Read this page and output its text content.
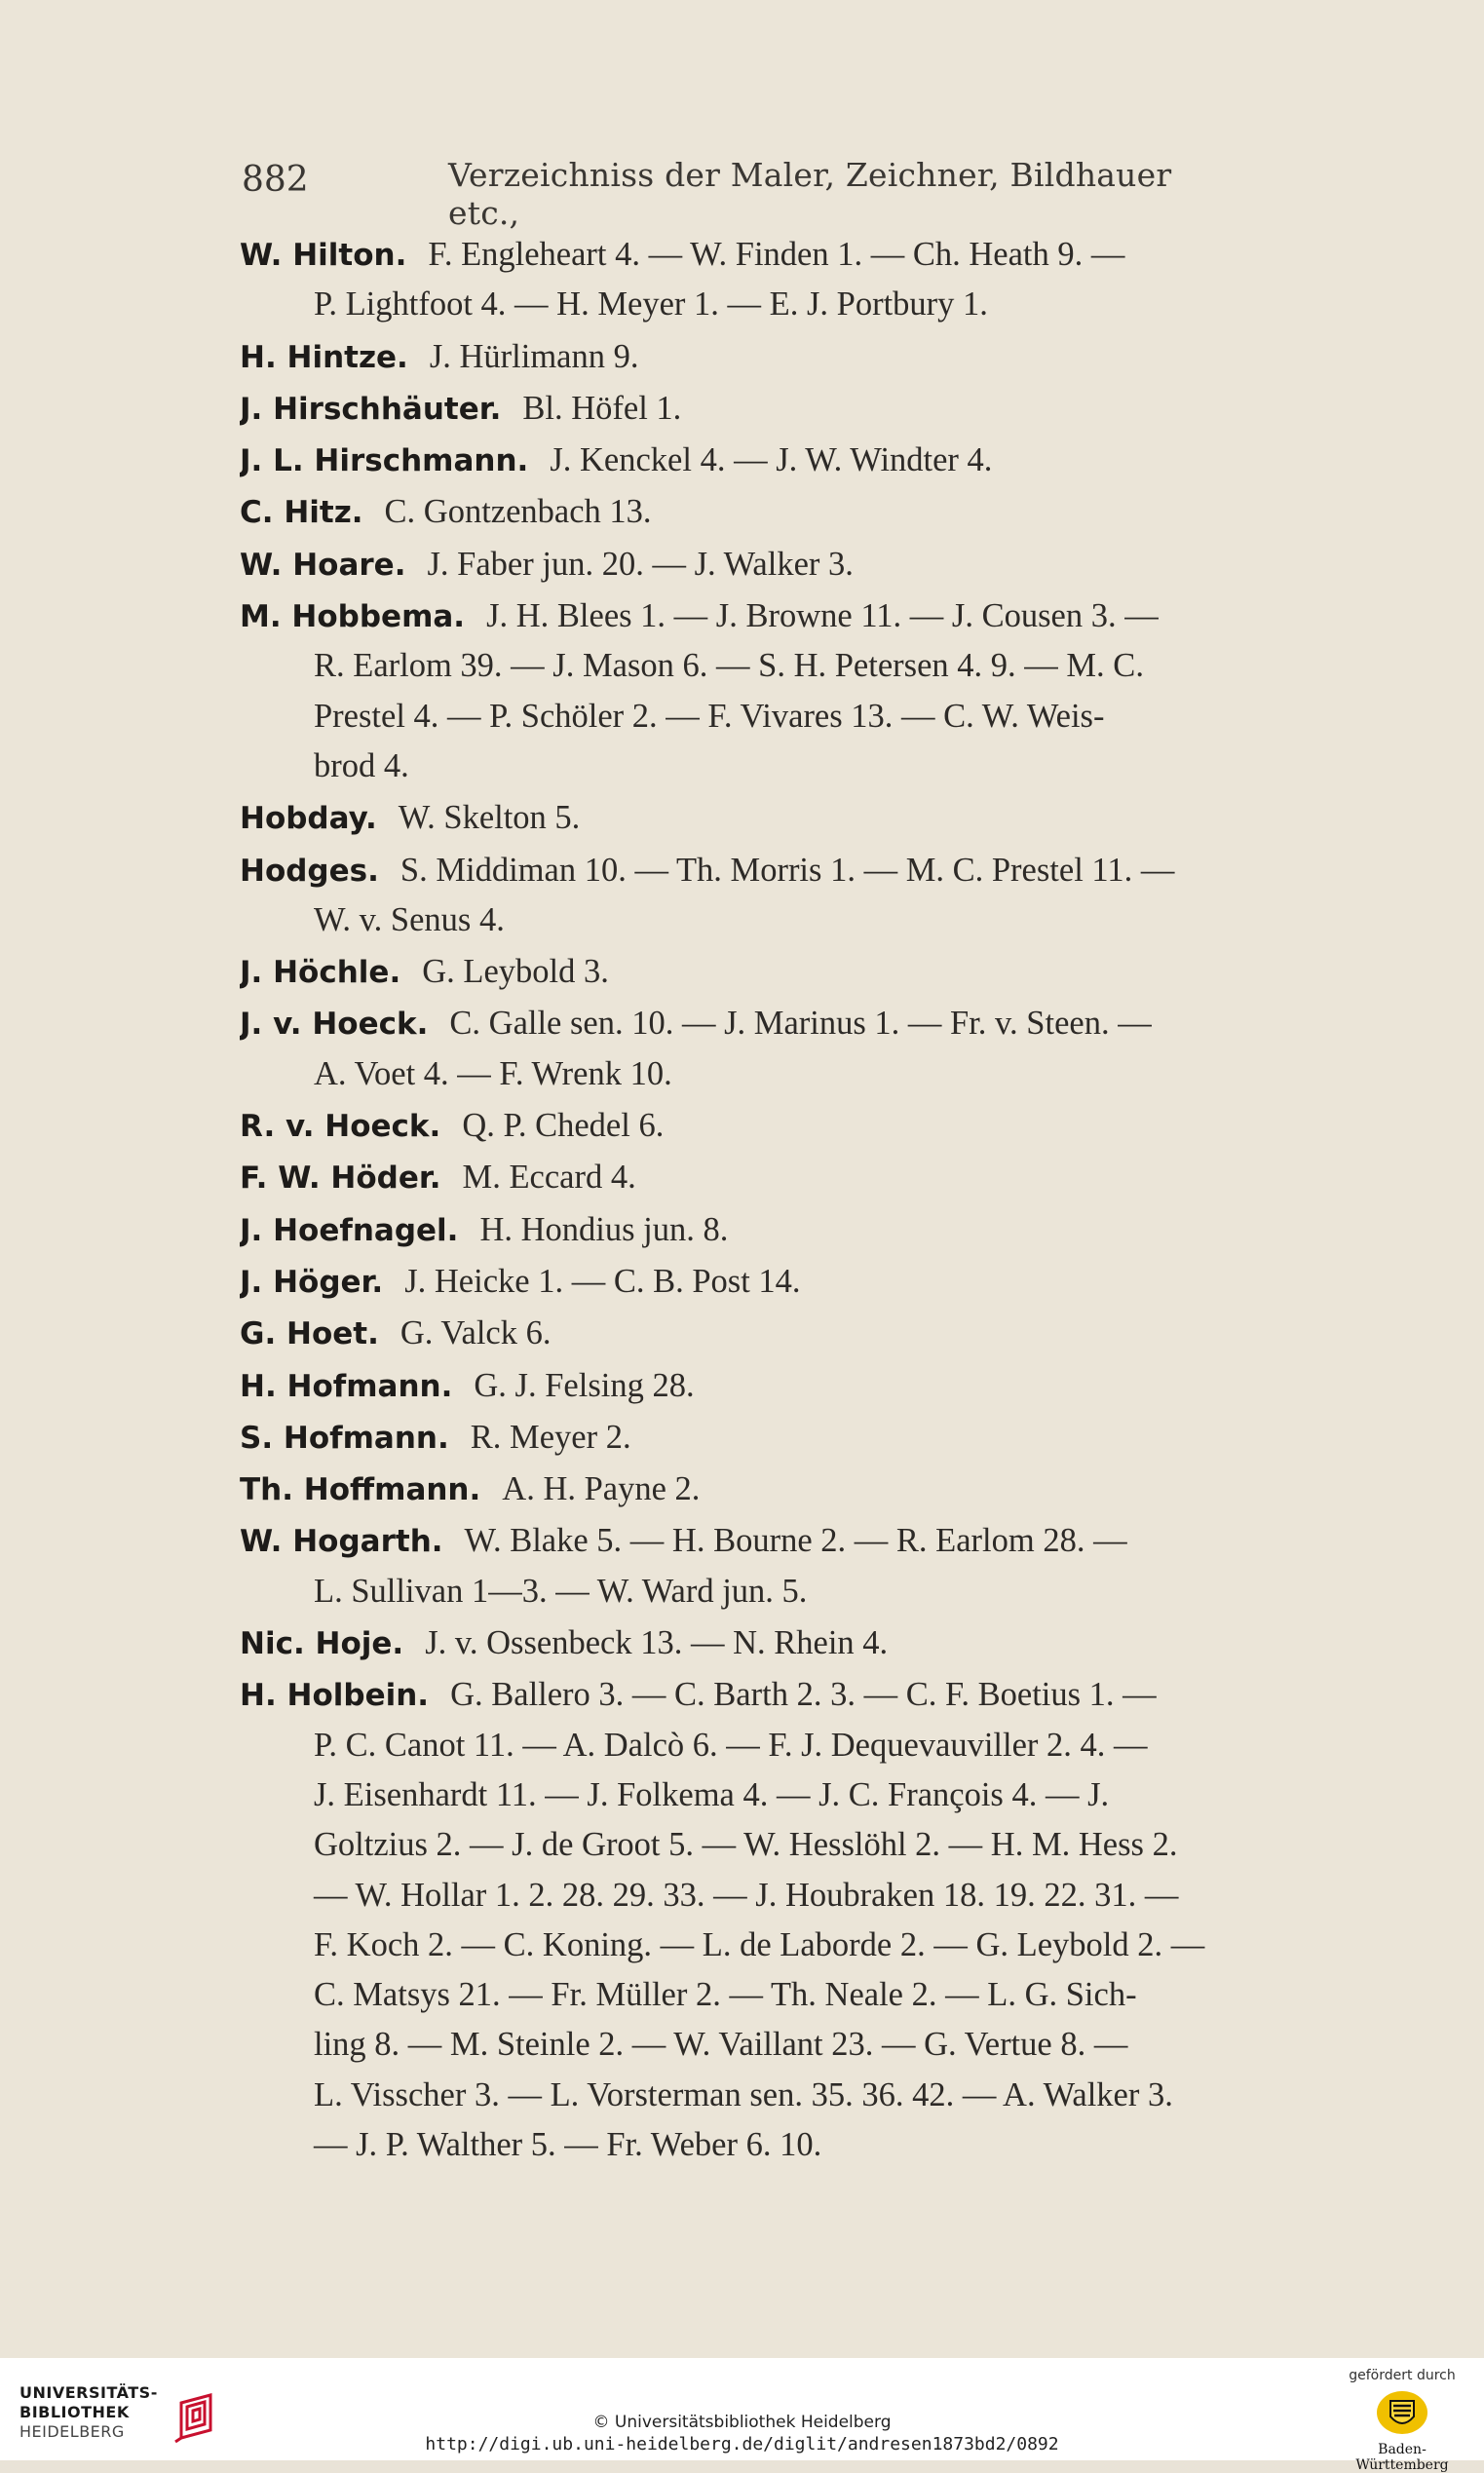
882	Verzeichniss der Maler, Zeichner, Bildhauer etc.,
W. Hilton. F. Engleheart 4. — W. Finden 1. — Ch. Heath 9. —
P. Lightfoot 4. — H. Meyer 1. — E. J. Portbury 1.
H. Hintze. J. Hürlimann 9.
J. Hirschhäuter. Bl. Höfel 1.
J. L. Hirschmann. J. Kenckel 4. — J. W. Windter 4.
C. Hitz. C. Gontzenbach 13.
W. Hoare. J. Faber jun. 20. — J. Walker 3.
M. Hobbema. J. H. Blees 1. — J. Browne 11. — J. Cousen 3. —
R. Earlom 39. — J. Mason 6. — S. H. Petersen 4. 9. — M. C.
Prestel 4. — P. Schöler 2. — F. Vivares 13. — C. W. Weis-
brod 4.
Hobday. W. Skelton 5.
Hodges. S. Middiman 10. — Th. Morris 1. — M. C. Prestel 11. —
W. v. Senus 4.
J. Höchle. G. Leybold 3.
J. v. Hoeck. C. Galle sen. 10. — J. Marinus 1. — Fr. v. Steen. —
A. Voet 4. — F. Wrenk 10.
R. v. Hoeck. Q. P. Chedel 6.
F. W. Höder. M. Eccard 4.
J. Hoefnagel. H. Hondius jun. 8.
J. Höger. J. Heicke 1. — C. B. Post 14.
G. Hoet. G. Valck 6.
H. Hofmann. G. J. Felsing 28.
S. Hofmann. R. Meyer 2.
Th. Hoffmann. A. H. Payne 2.
W. Hogarth. W. Blake 5. — H. Bourne 2. — R. Earlom 28. —
L. Sullivan 1—3. — W. Ward jun. 5.
Nic. Hoje. J. v. Ossenbeck 13. — N. Rhein 4.
H. Holbein. G. Ballero 3. — C. Barth 2. 3. — C. F. Boetius 1. —
P. C. Canot 11. — A. Dalcò 6. — F. J. Dequevauviller 2. 4. —
J. Eisenhardt 11. — J. Folkema 4. — J. C. François 4. — J.
Goltzius 2. — J. de Groot 5. — W. Hesslöhl 2. — H. M. Hess 2.
— W. Hollar 1. 2. 28. 29. 33. — J. Houbraken 18. 19. 22. 31. —
F. Koch 2. — C. Koning. — L. de Laborde 2. — G. Leybold 2. —
C. Matsys 21. — Fr. Müller 2. — Th. Neale 2. — L. G. Sich-
ling 8. — M. Steinle 2. — W. Vaillant 23. — G. Vertue 8. —
L. Visscher 3. — L. Vorsterman sen. 35. 36. 42. — A. Walker 3.
— J. P. Walther 5. — Fr. Weber 6. 10.
UNIVERSITÄTS-
BIBLIOTHEK
HEIDELBERG	© Universitätsbibliothek Heidelberg
http://digi.ub.uni-heidelberg.de/diglit/andresen1873bd2/0892
gefördert durch
Baden-Württemberg
